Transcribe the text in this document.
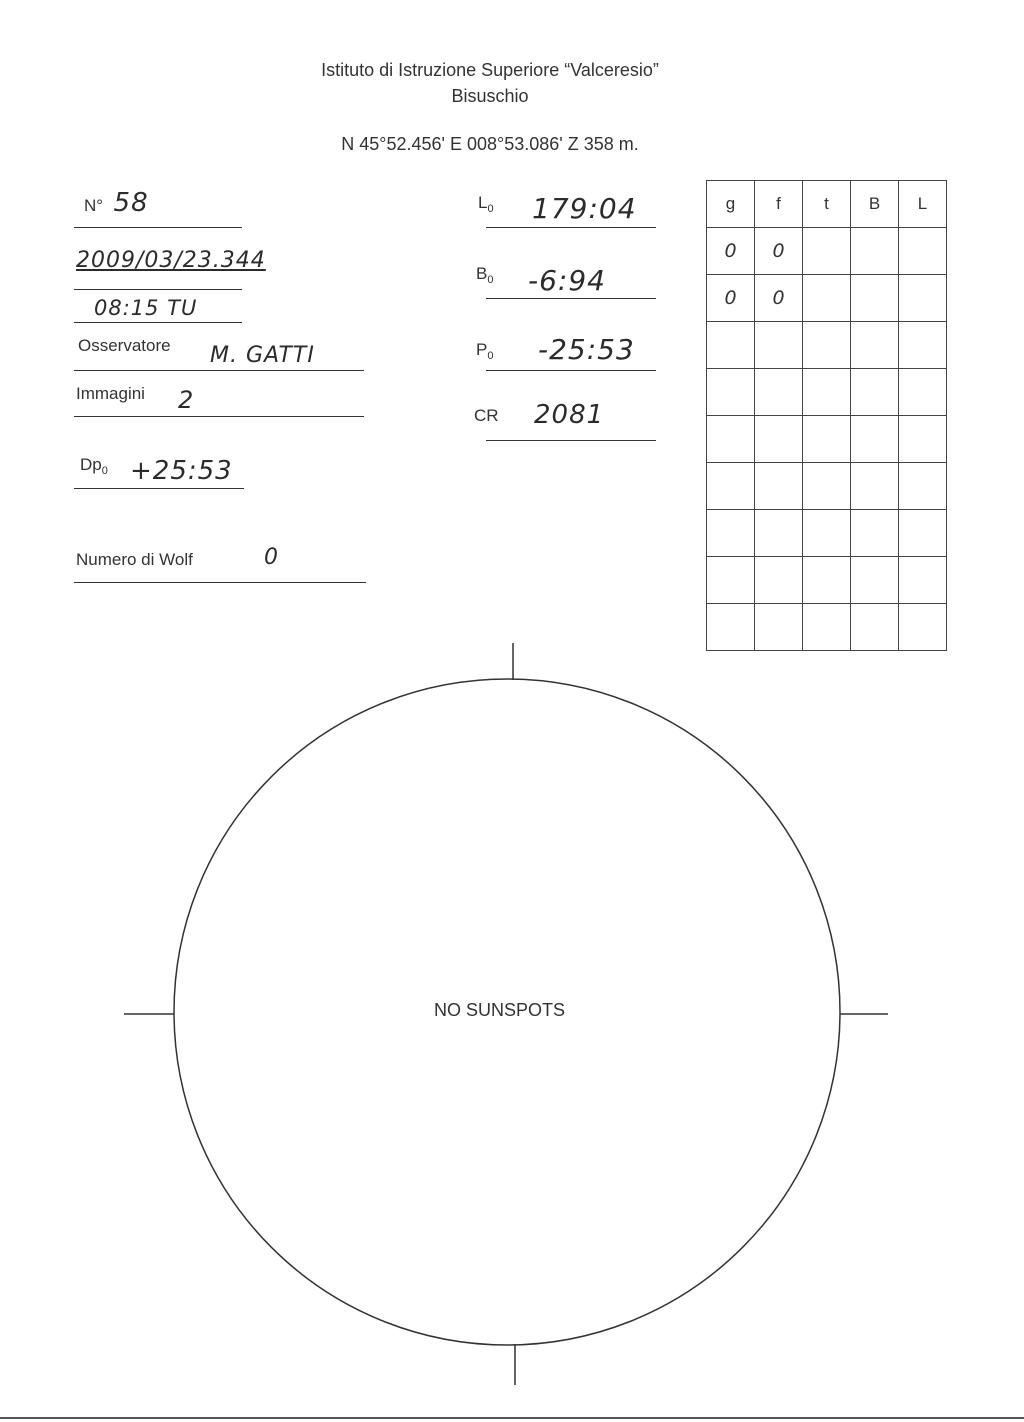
Istituto di Istruzione Superiore “Valceresio”
Bisuschio
N 45°52.456' E 008°53.086' Z 358 m.
N° 58
2009/03/23.344
08:15 TU
Osservatore M. GATTI
Immagini 2
$Dp_0$ +25:53
Numero di Wolf	0
$L_0$ 179:04
$B_0$ -6:94
$P_0$ -25:53
CR 2081
g	f	t	B	L
0	0			
0	0			

NO SUNSPOTS
